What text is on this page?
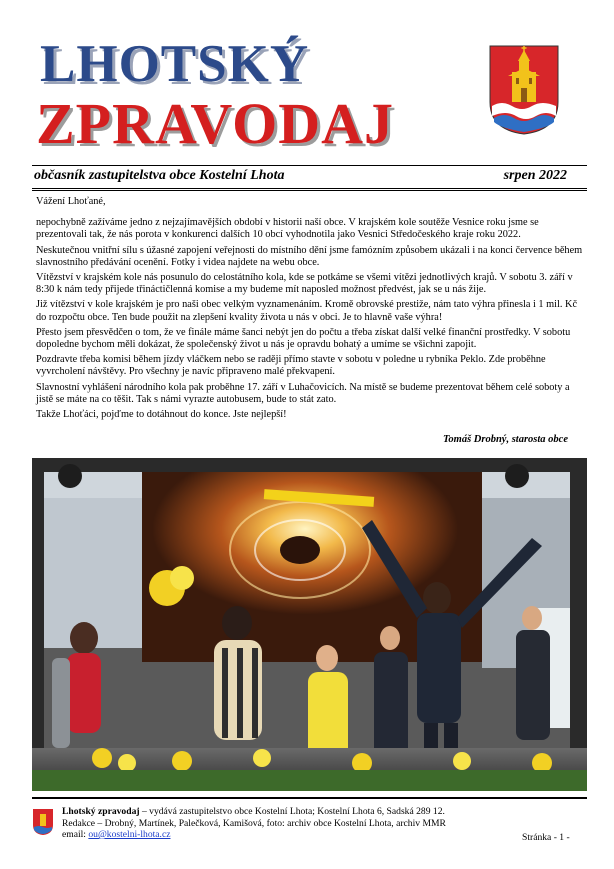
LHOTSKÝ
ZPRAVODAJ
občasník zastupitelstva obce Kostelní Lhota	srpen 2022

Vážení Lhoťané,

nepochybně zažíváme jedno z nejzajímavějších období v historii naší obce. V krajském kole soutěže Vesnice roku jsme se prezentovali tak, že nás porota v konkurenci dalších 10 obcí vyhodnotila jako Vesnici Středočeského kraje roku 2022.

Neskutečnou vnitřní sílu s úžasné zapojení veřejnosti do místního dění jsme famózním způsobem ukázali i na konci července během slavnostního předávání ocenění. Fotky i videa najdete na webu obce.

Vítězství v krajském kole nás posunulo do celostátního kola, kde se potkáme se všemi vítězi jednotlivých krajů. V sobotu 3. září v 8:30 k nám tedy přijede třináctičlenná komise a my budeme mít naposled možnost předvést, jak se u nás žije.

Již vítězství v kole krajském je pro naši obec velkým vyznamenáním. Kromě obrovské prestiže, nám tato výhra přinesla i 1 mil. Kč do rozpočtu obce. Ten bude použit na zlepšení kvality života u nás v obci. Je to hlavně vaše výhra!

Přesto jsem přesvědčen o tom, že ve finále máme šanci nebýt jen do počtu a třeba získat další velké finanční prostředky. V sobotu dopoledne bychom měli dokázat, že společenský život u nás je opravdu bohatý a umíme se všichni zapojit.

Pozdravte třeba komisi během jízdy vláčkem nebo se raději přímo stavte v sobotu v poledne u rybníka Peklo. Zde proběhne vyvrcholení návštěvy. Pro všechny je navíc připraveno malé překvapení.

Slavnostní vyhlášení národního kola pak proběhne 17. září v Luhačovicích. Na místě se budeme prezentovat během celé soboty a jistě se máte na co těšit. Tak s námi vyrazte autobusem, bude to stát zato.

Takže Lhoťáci, pojďme to dotáhnout do konce. Jste nejlepší!

Tomáš Drobný, starosta obce
Lhotský zpravodaj – vydává zastupitelstvo obce Kostelní Lhota; Kostelní Lhota 6, Sadská 289 12.
Redakce – Drobný, Martínek, Palečková, Kamišová, foto: archiv obce Kostelní Lhota, archiv MMR
email: ou@kostelni-lhota.cz	Stránka - 1 -
